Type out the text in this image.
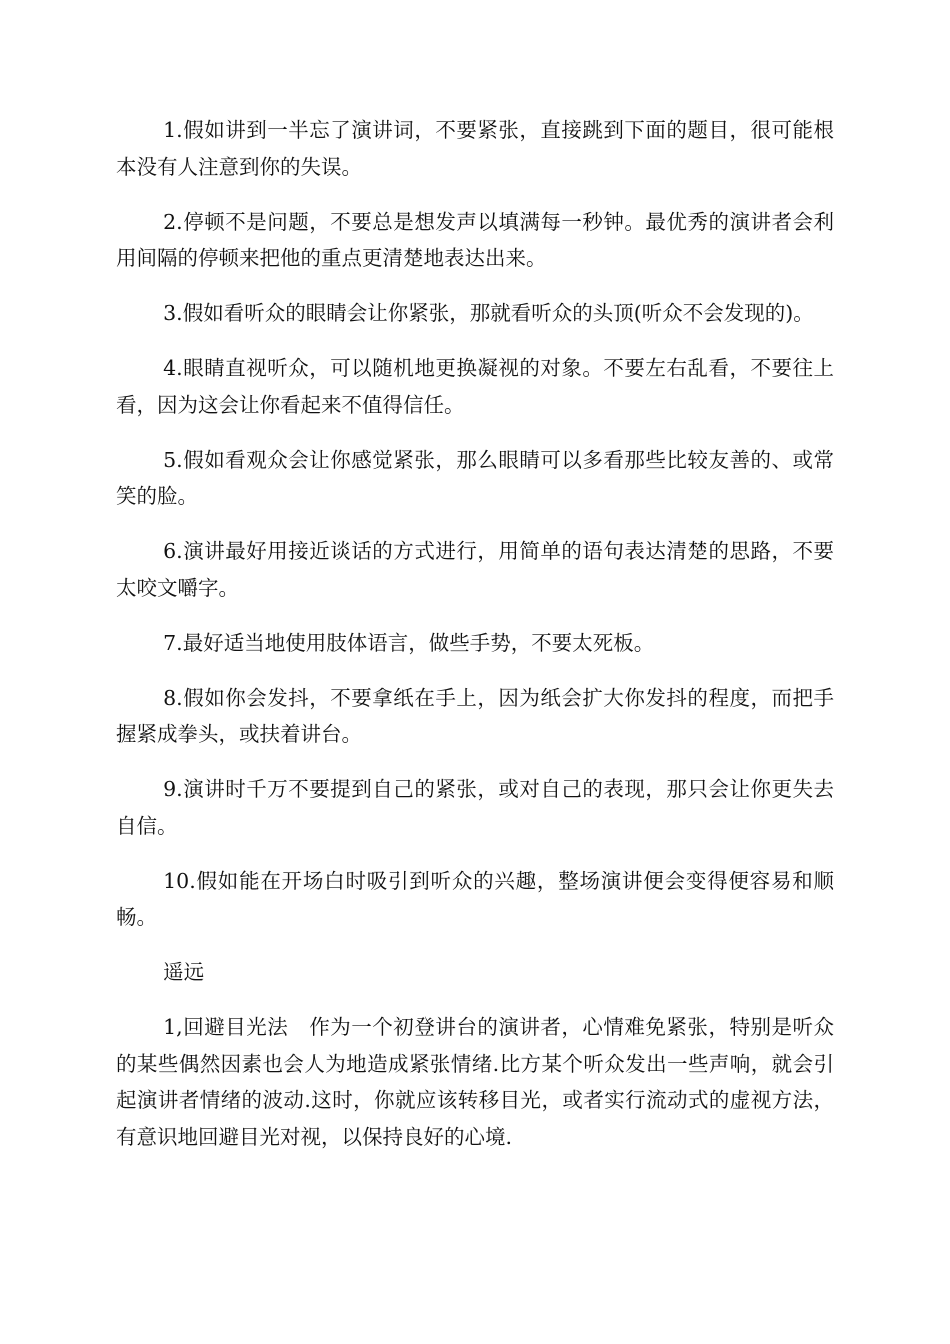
1.假如讲到一半忘了演讲词，不要紧张，直接跳到下面的题目，很可能根本没有人注意到你的失误。

2.停顿不是问题，不要总是想发声以填满每一秒钟。最优秀的演讲者会利用间隔的停顿来把他的重点更清楚地表达出来。

3.假如看听众的眼睛会让你紧张，那就看听众的头顶(听众不会发现的)。

4.眼睛直视听众，可以随机地更换凝视的对象。不要左右乱看，不要往上看，因为这会让你看起来不值得信任。

5.假如看观众会让你感觉紧张，那么眼睛可以多看那些比较友善的、或常笑的脸。

6.演讲最好用接近谈话的方式进行，用简单的语句表达清楚的思路，不要太咬文嚼字。

7.最好适当地使用肢体语言，做些手势，不要太死板。

8.假如你会发抖，不要拿纸在手上，因为纸会扩大你发抖的程度，而把手握紧成拳头，或扶着讲台。

9.演讲时千万不要提到自己的紧张，或对自己的表现，那只会让你更失去自信。

10.假如能在开场白时吸引到听众的兴趣，整场演讲便会变得便容易和顺畅。

遥远

1,回避目光法　作为一个初登讲台的演讲者，心情难免紧张，特别是听众的某些偶然因素也会人为地造成紧张情绪.比方某个听众发出一些声响，就会引起演讲者情绪的波动.这时，你就应该转移目光，或者实行流动式的虚视方法，有意识地回避目光对视，以保持良好的心境.
